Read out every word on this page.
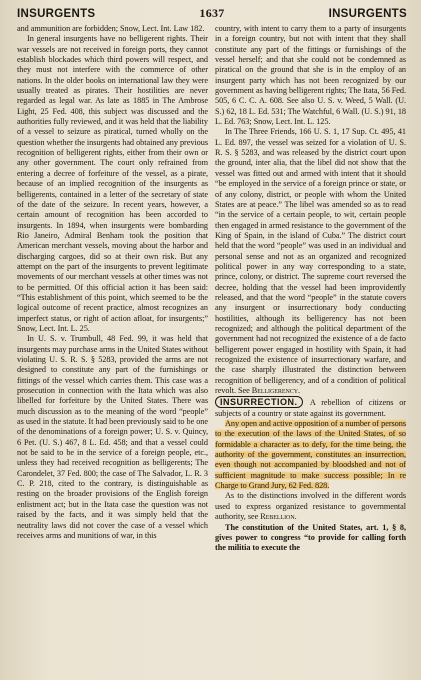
INSURGENTS	1637	INSURGENTS

and ammunition are forbidden; Snow, Lect. Int. Law 182.

In general insurgents have no belligerent rights. Their war vessels are not received in foreign ports, they cannot establish blockades which third powers will respect, and they must not interfere with the commerce of other nations. In the older books on international law they were usually treated as pirates. Their hostilities are never regarded as legal war. As late as 1885 in The Ambrose Light, 25 Fed. 408, this subject was discussed and the authorities fully reviewed, and it was held that the liability of a vessel to seizure as piratical, turned wholly on the question whether the insurgents had obtained any previous recognition of belligerent rights, either from their own or any other government. The court only refrained from entering a decree of forfeiture of the vessel, as a pirate, because of an implied recognition of the insurgents as belligerents, contained in a letter of the secretary of state of the date of the seizure. In recent years, however, a certain amount of recognition has been accorded to insurgents. In 1894, when insurgents were bombarding Rio Janeiro, Admiral Benham took the position that American merchant vessels, moving about the harbor and discharging cargoes, did so at their own risk. But any attempt on the part of the insurgents to prevent legitimate movements of our merchant vessels at other times was not to be permitted. Of this official action it has been said: “This establishment of this point, which seemed to be the logical outcome of recent practice, almost recognizes an imperfect status, or right of action afloat, for insurgents;” Snow, Lect. Int. L. 25.

In U. S. v. Trumbull, 48 Fed. 99, it was held that insurgents may purchase arms in the United States without violating U. S. R. S. § 5283, provided the arms are not designed to constitute any part of the furnishings or fittings of the vessel which carries them. This case was a prosecution in connection with the Itata which was also libelled for forfeiture by the United States. There was much discussion as to the meaning of the word “people” as used in the statute. It had been previously said to be one of the denominations of a foreign power; U. S. v. Quincy, 6 Pet. (U. S.) 467, 8 L. Ed. 458; and that a vessel could not be said to be in the service of a foreign people, etc., unless they had received recognition as belligerents; The Carondelet, 37 Fed. 800; the case of The Salvador, L. R. 3 C. P. 218, cited to the contrary, is distinguishable as resting on the broader provisions of the English foreign enlistment act; but in the Itata case the question was not raised by the facts, and it was simply held that the neutrality laws did not cover the case of a vessel which receives arms and munitions of war, in this

country, with intent to carry them to a party of insurgents in a foreign country, but not with intent that they shall constitute any part of the fittings or furnishings of the vessel herself; and that she could not be condemned as piratical on the ground that she is in the employ of an insurgent party which has not been recognized by our government as having belligerent rights; The Itata, 56 Fed. 505, 6 C. C. A. 608. See also U. S. v. Weed, 5 Wall. (U. S.) 62, 18 L. Ed. 531; The Watchful, 6 Wall. (U. S.) 91, 18 L. Ed. 763; Snow, Lect. Int. L. 125.

In The Three Friends, 166 U. S. 1, 17 Sup. Ct. 495, 41 L. Ed. 897, the vessel was seized for a violation of U. S. R. S. § 5283, and was released by the district court upon the ground, inter alia, that the libel did not show that the vessel was fitted out and armed with intent that it should “be employed in the service of a foreign prince or state, or of any colony, district, or people with whom the United States are at peace.” The libel was amended so as to read “in the service of a certain people, to wit, certain people then engaged in armed resistance to the government of the King of Spain, in the island of Cuba.” The district court held that the word “people” was used in an individual and personal sense and not as an organized and recognized political power in any way corresponding to a state, prince, colony, or district. The supreme court reversed the decree, holding that the vessel had been improvidently released, and that the word “people” in the statute covers any insurgent or insurrectionary body conducting hostilities, although its belligerency has not been recognized; and although the political department of the government had not recognized the existence of a de facto belligerent power engaged in hostility with Spain, it had recognized the existence of insurrectionary warfare, and the case sharply illustrated the distinction between recognition of belligerency, and of a condition of political revolt. See Belligerency.

INSURRECTION. A rebellion of citizens or subjects of a country or state against its government.

Any open and active opposition of a number of persons to the execution of the laws of the United States, of so formidable a character as to defy, for the time being, the authority of the government, constitutes an insurrection, even though not accompanied by bloodshed and not of sufficient magnitude to make success possible; In re Charge to Grand Jury, 62 Fed. 828.

As to the distinctions involved in the different words used to express organized resistance to governmental authority, see Rebellion.

The constitution of the United States, art. 1, § 8, gives power to congress “to provide for calling forth the militia to execute the
